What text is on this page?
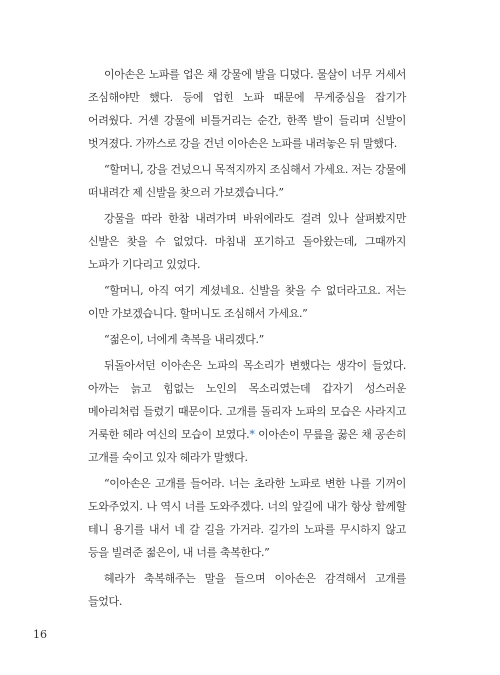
이아손은 노파를 업은 채 강물에 발을 디뎠다. 물살이 너무 거세서 조심해야만 했다. 등에 업힌 노파 때문에 무게중심을 잡기가 어려웠다. 거센 강물에 비틀거리는 순간, 한쪽 발이 들리며 신발이 벗겨졌다. 가까스로 강을 건넌 이아손은 노파를 내려놓은 뒤 말했다.

“할머니, 강을 건넜으니 목적지까지 조심해서 가세요. 저는 강물에 떠내려간 제 신발을 찾으러 가보겠습니다.”

강물을 따라 한참 내려가며 바위에라도 걸려 있나 살펴봤지만 신발은 찾을 수 없었다. 마침내 포기하고 돌아왔는데, 그때까지 노파가 기다리고 있었다.

“할머니, 아직 여기 계셨네요. 신발을 찾을 수 없더라고요. 저는 이만 가보겠습니다. 할머니도 조심해서 가세요.”

“젊은이, 너에게 축복을 내리겠다.”

뒤돌아서던 이아손은 노파의 목소리가 변했다는 생각이 들었다. 아까는 늙고 힘없는 노인의 목소리였는데 갑자기 성스러운 메아리처럼 들렸기 때문이다. 고개를 돌리자 노파의 모습은 사라지고 거룩한 헤라 여신의 모습이 보였다.* 이아손이 무릎을 꿇은 채 공손히 고개를 숙이고 있자 헤라가 말했다.

“이아손은 고개를 들어라. 너는 초라한 노파로 변한 나를 기꺼이 도와주었지. 나 역시 너를 도와주겠다. 너의 앞길에 내가 항상 함께할 테니 용기를 내서 네 갈 길을 가거라. 길가의 노파를 무시하지 않고 등을 빌려준 젊은이, 내 너를 축복한다.”

헤라가 축복해주는 말을 들으며 이아손은 감격해서 고개를 들었다.

16
